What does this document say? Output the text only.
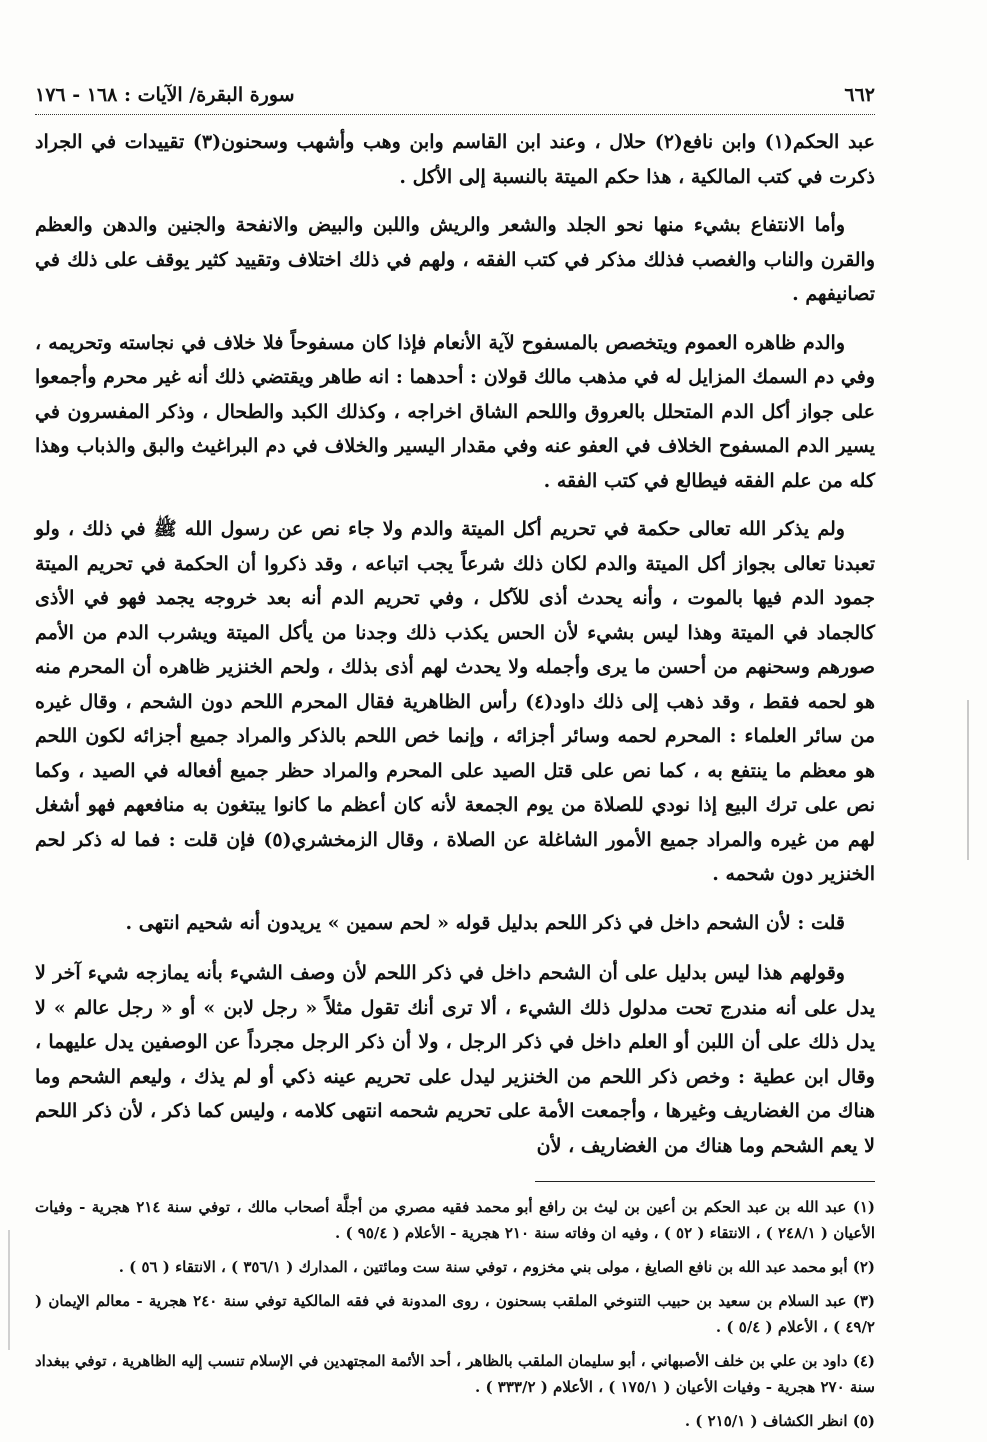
٦٦٢
سورة البقرة/ الآيات : ١٦٨ - ١٧٦

عبد الحكم(١) وابن نافع(٢) حلال ، وعند ابن القاسم وابن وهب وأشهب وسحنون(٣) تقييدات في الجراد ذكرت في كتب المالكية ، هذا حكم الميتة بالنسبة إلى الأكل .

وأما الانتفاع بشيء منها نحو الجلد والشعر والريش واللبن والبيض والانفحة والجنين والدهن والعظم والقرن والناب والغصب فذلك مذكر في كتب الفقه ، ولهم في ذلك اختلاف وتقييد كثير يوقف على ذلك في تصانيفهم .

والدم ظاهره العموم ويتخصص بالمسفوح لآية الأنعام فإذا كان مسفوحاً فلا خلاف في نجاسته وتحريمه ، وفي دم السمك المزايل له في مذهب مالك قولان : أحدهما : انه طاهر ويقتضي ذلك أنه غير محرم وأجمعوا على جواز أكل الدم المتحلل بالعروق واللحم الشاق اخراجه ، وكذلك الكبد والطحال ، وذكر المفسرون في يسير الدم المسفوح الخلاف في العفو عنه وفي مقدار اليسير والخلاف في دم البراغيث والبق والذباب وهذا كله من علم الفقه فيطالع في كتب الفقه .

ولم يذكر الله تعالى حكمة في تحريم أكل الميتة والدم ولا جاء نص عن رسول الله ﷺ في ذلك ، ولو تعبدنا تعالى بجواز أكل الميتة والدم لكان ذلك شرعاً يجب اتباعه ، وقد ذكروا أن الحكمة في تحريم الميتة جمود الدم فيها بالموت ، وأنه يحدث أذى للآكل ، وفي تحريم الدم أنه بعد خروجه يجمد فهو في الأذى كالجماد في الميتة وهذا ليس بشيء لأن الحس يكذب ذلك وجدنا من يأكل الميتة ويشرب الدم من الأمم صورهم وسحنهم من أحسن ما يرى وأجمله ولا يحدث لهم أذى بذلك ، ولحم الخنزير ظاهره أن المحرم منه هو لحمه فقط ، وقد ذهب إلى ذلك داود(٤) رأس الظاهرية فقال المحرم اللحم دون الشحم ، وقال غيره من سائر العلماء : المحرم لحمه وسائر أجزائه ، وإنما خص اللحم بالذكر والمراد جميع أجزائه لكون اللحم هو معظم ما ينتفع به ، كما نص على قتل الصيد على المحرم والمراد حظر جميع أفعاله في الصيد ، وكما نص على ترك البيع إذا نودي للصلاة من يوم الجمعة لأنه كان أعظم ما كانوا يبتغون به منافعهم فهو أشغل لهم من غيره والمراد جميع الأمور الشاغلة عن الصلاة ، وقال الزمخشري(٥) فإن قلت : فما له ذكر لحم الخنزير دون شحمه .

قلت : لأن الشحم داخل في ذكر اللحم بدليل قوله « لحم سمين » يريدون أنه شحيم انتهى .

وقولهم هذا ليس بدليل على أن الشحم داخل في ذكر اللحم لأن وصف الشيء بأنه يمازجه شيء آخر لا يدل على أنه مندرج تحت مدلول ذلك الشيء ، ألا ترى أنك تقول مثلاً « رجل لابن » أو « رجل عالم » لا يدل ذلك على أن اللبن أو العلم داخل في ذكر الرجل ، ولا أن ذكر الرجل مجرداً عن الوصفين يدل عليهما ، وقال ابن عطية : وخص ذكر اللحم من الخنزير ليدل على تحريم عينه ذكي أو لم يذك ، وليعم الشحم وما هناك من الغضاريف وغيرها ، وأجمعت الأمة على تحريم شحمه انتهى كلامه ، وليس كما ذكر ، لأن ذكر اللحم لا يعم الشحم وما هناك من الغضاريف ، لأن

(١) عبد الله بن عبد الحكم بن أعين بن ليث بن رافع أبو محمد فقيه مصري من أجلَّة أصحاب مالك ، توفي سنة ٢١٤ هجرية - وفيات الأعيان ( ٢٤٨/١ ) ، الانتقاء ( ٥٢ ) ، وفيه ان وفاته سنة ٢١٠ هجرية - الأعلام ( ٩٥/٤ ) .

(٢) أبو محمد عبد الله بن نافع الصايغ ، مولى بني مخزوم ، توفي سنة ست ومائتين ، المدارك ( ٣٥٦/١ ) ، الانتقاء ( ٥٦ ) .

(٣) عبد السلام بن سعيد بن حبيب التنوخي الملقب بسحنون ، روى المدونة في فقه المالكية توفي سنة ٢٤٠ هجرية - معالم الإيمان ( ٤٩/٢ ) ، الأعلام ( ٥/٤ ) .

(٤) داود بن علي بن خلف الأصبهاني ، أبو سليمان الملقب بالظاهر ، أحد الأئمة المجتهدين في الإسلام تنسب إليه الظاهرية ، توفي ببغداد سنة ٢٧٠ هجرية - وفيات الأعيان ( ١٧٥/١ ) ، الأعلام ( ٣٣٣/٢ ) .

(٥) انظر الكشاف ( ٢١٥/١ ) .
